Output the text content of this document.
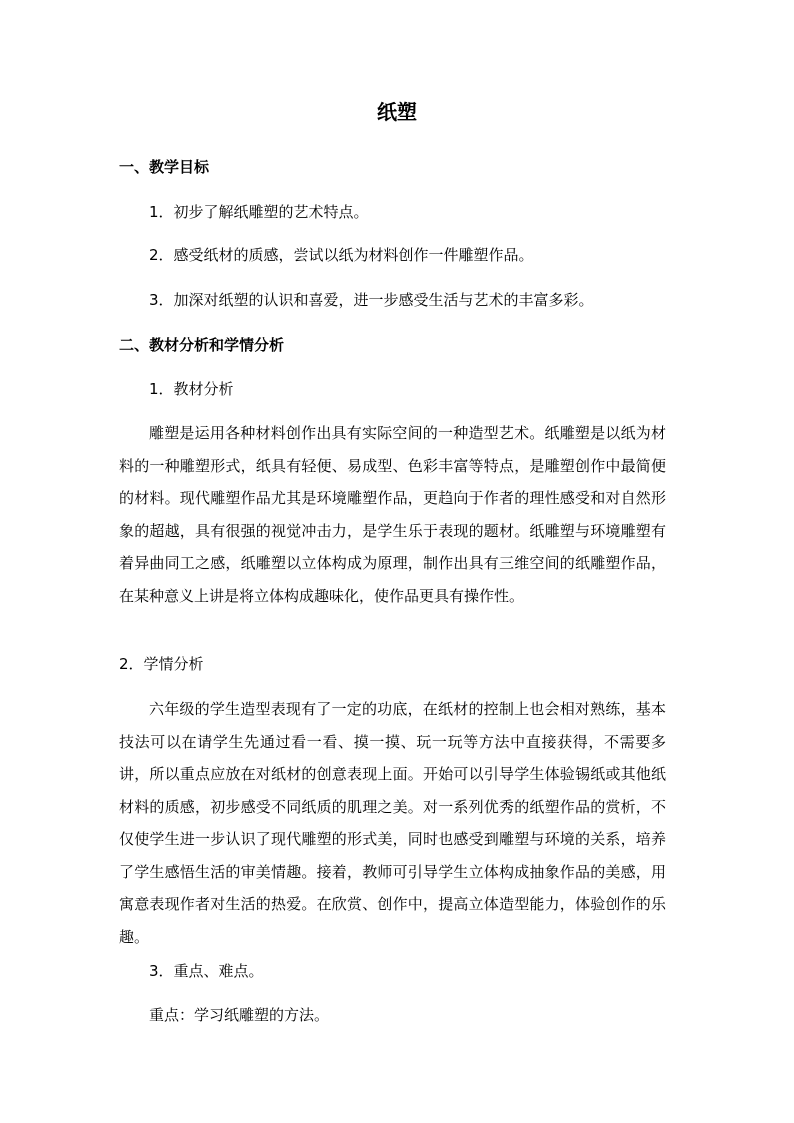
纸塑
一、教学目标
1．初步了解纸雕塑的艺术特点。
2．感受纸材的质感，尝试以纸为材料创作一件雕塑作品。
3．加深对纸塑的认识和喜爱，进一步感受生活与艺术的丰富多彩。
二、教材分析和学情分析
1．教材分析
雕塑是运用各种材料创作出具有实际空间的一种造型艺术。纸雕塑是以纸为材料的一种雕塑形式，纸具有轻便、易成型、色彩丰富等特点，是雕塑创作中最简便的材料。现代雕塑作品尤其是环境雕塑作品，更趋向于作者的理性感受和对自然形象的超越，具有很强的视觉冲击力，是学生乐于表现的题材。纸雕塑与环境雕塑有着异曲同工之感，纸雕塑以立体构成为原理，制作出具有三维空间的纸雕塑作品，在某种意义上讲是将立体构成趣味化，使作品更具有操作性。
2．学情分析
六年级的学生造型表现有了一定的功底，在纸材的控制上也会相对熟练，基本技法可以在请学生先通过看一看、摸一摸、玩一玩等方法中直接获得，不需要多讲，所以重点应放在对纸材的创意表现上面。开始可以引导学生体验锡纸或其他纸材料的质感，初步感受不同纸质的肌理之美。对一系列优秀的纸塑作品的赏析，不仅使学生进一步认识了现代雕塑的形式美，同时也感受到雕塑与环境的关系，培养了学生感悟生活的审美情趣。接着，教师可引导学生立体构成抽象作品的美感，用寓意表现作者对生活的热爱。在欣赏、创作中，提高立体造型能力，体验创作的乐趣。
3．重点、难点。
重点：学习纸雕塑的方法。
